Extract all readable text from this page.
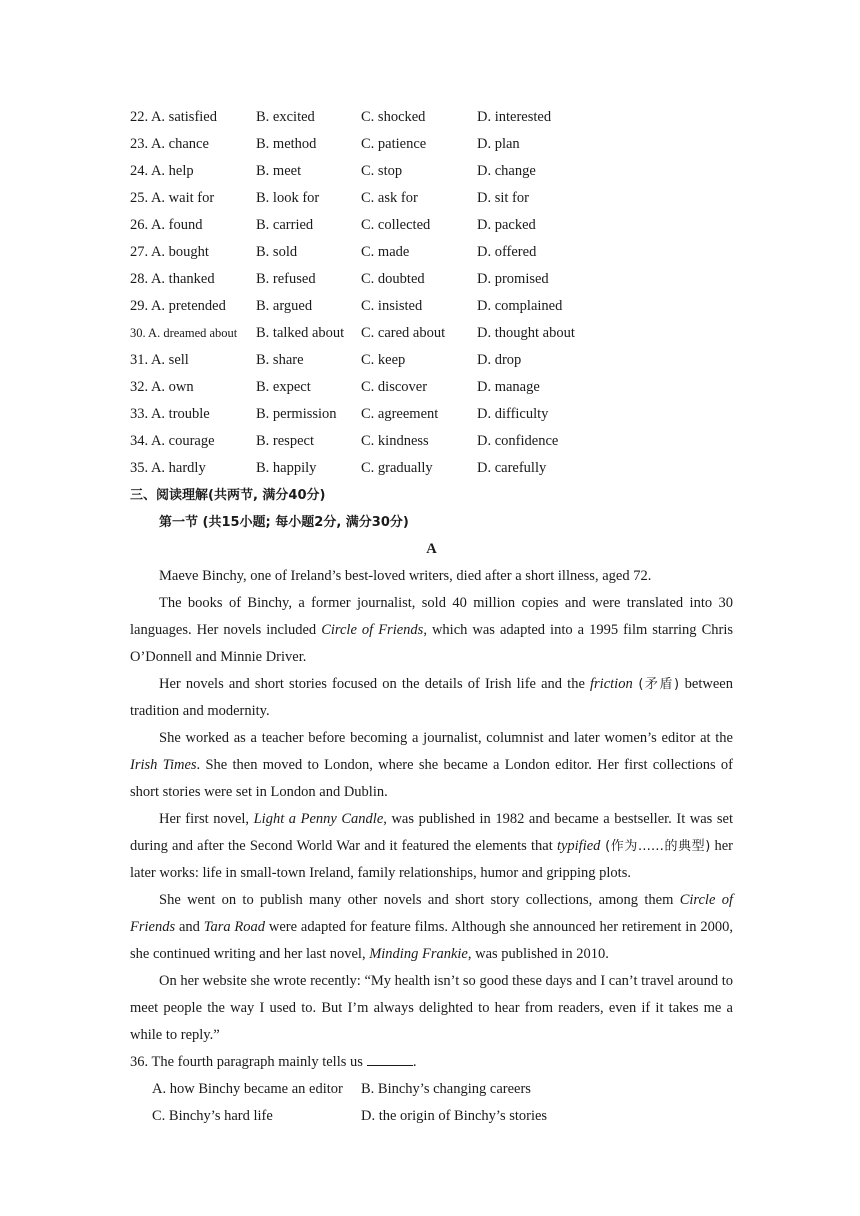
22. A. satisfied	B. excited	C. shocked	D. interested
23. A. chance	B. method	C. patience	D. plan
24. A. help	B. meet	C. stop	D. change
25. A. wait for	B. look for	C. ask for	D. sit for
26. A. found	B. carried	C. collected	D. packed
27. A. bought	B. sold	C. made	D. offered
28. A. thanked	B. refused	C. doubted	D. promised
29. A. pretended B. argued	C. insisted	D. complained
30. A. dreamed about B. talked about C. cared about D. thought about
31. A. sell	B. share	C. keep	D. drop
32. A. own	B. expect	C. discover	D. manage
33. A. trouble	B. permission C. agreement	D. difficulty
34. A. courage	B. respect	C. kindness	D. confidence
35. A. hardly	B. happily	C. gradually	D. carefully
三、阅读理解(共两节, 满分40分)
第一节 (共15小题; 每小题2分, 满分30分)
A

Maeve Binchy, one of Ireland’s best-loved writers, died after a short illness, aged 72.

The books of Binchy, a former journalist, sold 40 million copies and were translated into 30 languages. Her novels included Circle of Friends, which was adapted into a 1995 film starring Chris O’Donnell and Minnie Driver.

Her novels and short stories focused on the details of Irish life and the friction (矛盾) between tradition and modernity.

She worked as a teacher before becoming a journalist, columnist and later women’s editor at the Irish Times. She then moved to London, where she became a London editor. Her first collections of short stories were set in London and Dublin.

Her first novel, Light a Penny Candle, was published in 1982 and became a bestseller. It was set during and after the Second World War and it featured the elements that typified (作为……的典型) her later works: life in small-town Ireland, family relationships, humor and gripping plots.

She went on to publish many other novels and short story collections, among them Circle of Friends and Tara Road were adapted for feature films. Although she announced her retirement in 2000, she continued writing and her last novel, Minding Frankie, was published in 2010.

On her website she wrote recently: “My health isn’t so good these days and I can’t travel around to meet people the way I used to. But I’m always delighted to hear from readers, even if it takes me a while to reply.”

36. The fourth paragraph mainly tells us	.
A. how Binchy became an editor B. Binchy’s changing careers
C. Binchy’s hard life	D. the origin of Binchy’s stories
